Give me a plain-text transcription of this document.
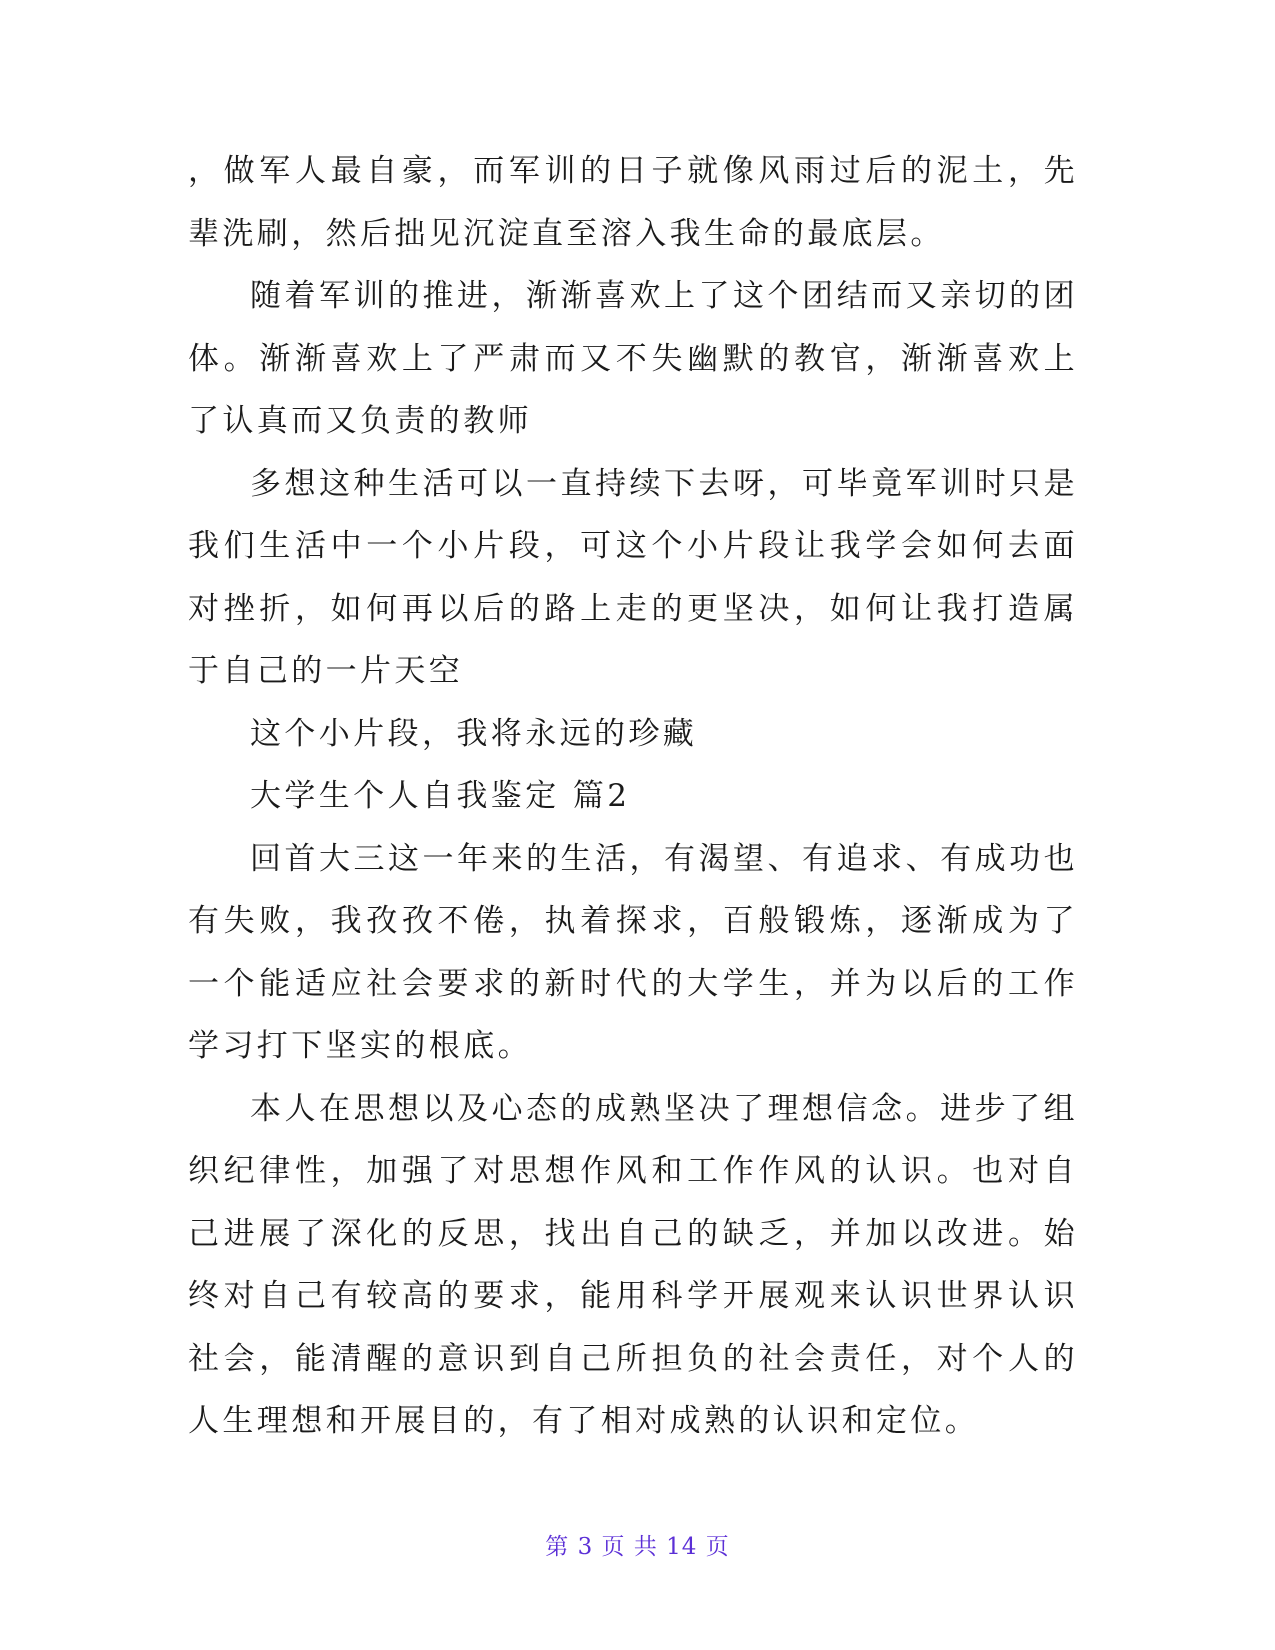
，做军人最自豪，而军训的日子就像风雨过后的泥土，先辈洗刷，然后拙见沉淀直至溶入我生命的最底层。

随着军训的推进，渐渐喜欢上了这个团结而又亲切的团体。渐渐喜欢上了严肃而又不失幽默的教官，渐渐喜欢上了认真而又负责的教师

多想这种生活可以一直持续下去呀，可毕竟军训时只是我们生活中一个小片段，可这个小片段让我学会如何去面对挫折，如何再以后的路上走的更坚决，如何让我打造属于自己的一片天空

这个小片段，我将永远的珍藏

大学生个人自我鉴定 篇2

回首大三这一年来的生活，有渴望、有追求、有成功也有失败，我孜孜不倦，执着探求，百般锻炼，逐渐成为了一个能适应社会要求的新时代的大学生，并为以后的工作学习打下坚实的根底。

本人在思想以及心态的成熟坚决了理想信念。进步了组织纪律性，加强了对思想作风和工作作风的认识。也对自己进展了深化的反思，找出自己的缺乏，并加以改进。始终对自己有较高的要求，能用科学开展观来认识世界认识社会，能清醒的意识到自己所担负的社会责任，对个人的人生理想和开展目的，有了相对成熟的认识和定位。

第 3 页 共 14 页
